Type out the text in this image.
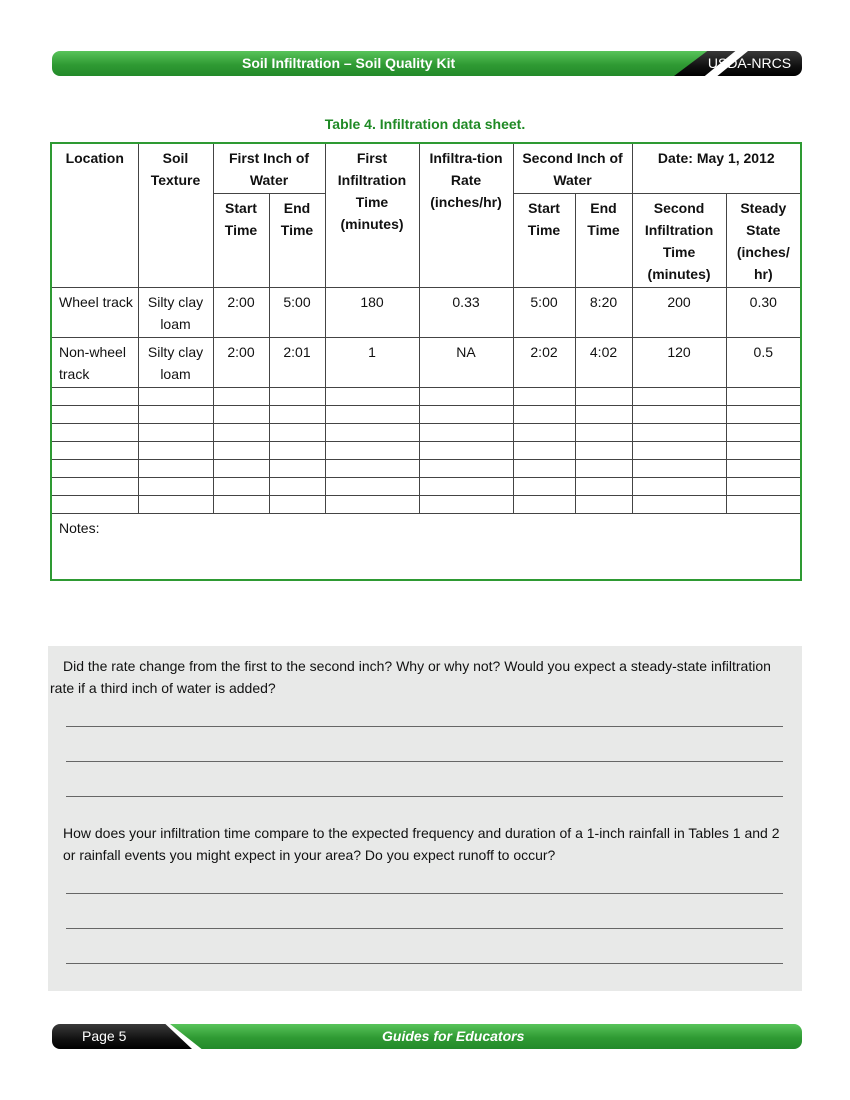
Soil Infiltration – Soil Quality Kit	USDA-NRCS
Table 4. Infiltration data sheet.
Location	Soil Texture	First Inch of Water		First Infiltration Time (minutes)	Infiltra-tion Rate (inches/hr)	Second Inch of Water		Date: May 1, 2012	
		Start Time	End Time			Start Time	End Time	Second Infiltration Time (minutes)	Steady State (inches/ hr)
Wheel track	Silty clay loam	2:00	5:00	180	0.33	5:00	8:20	200	0.30
Non-wheel track	Silty clay loam	2:00	2:01	1	NA	2:02	4:02	120	0.5

Notes:									
Did the rate change from the first to the second inch? Why or why not? Would you expect a steady-state infiltration rate if a third inch of water is added?
How does your infiltration time compare to the expected frequency and duration of a 1-inch rainfall in Tables 1 and 2 or rainfall events you might expect in your area? Do you expect runoff to occur?
Page 5	Guides for Educators
